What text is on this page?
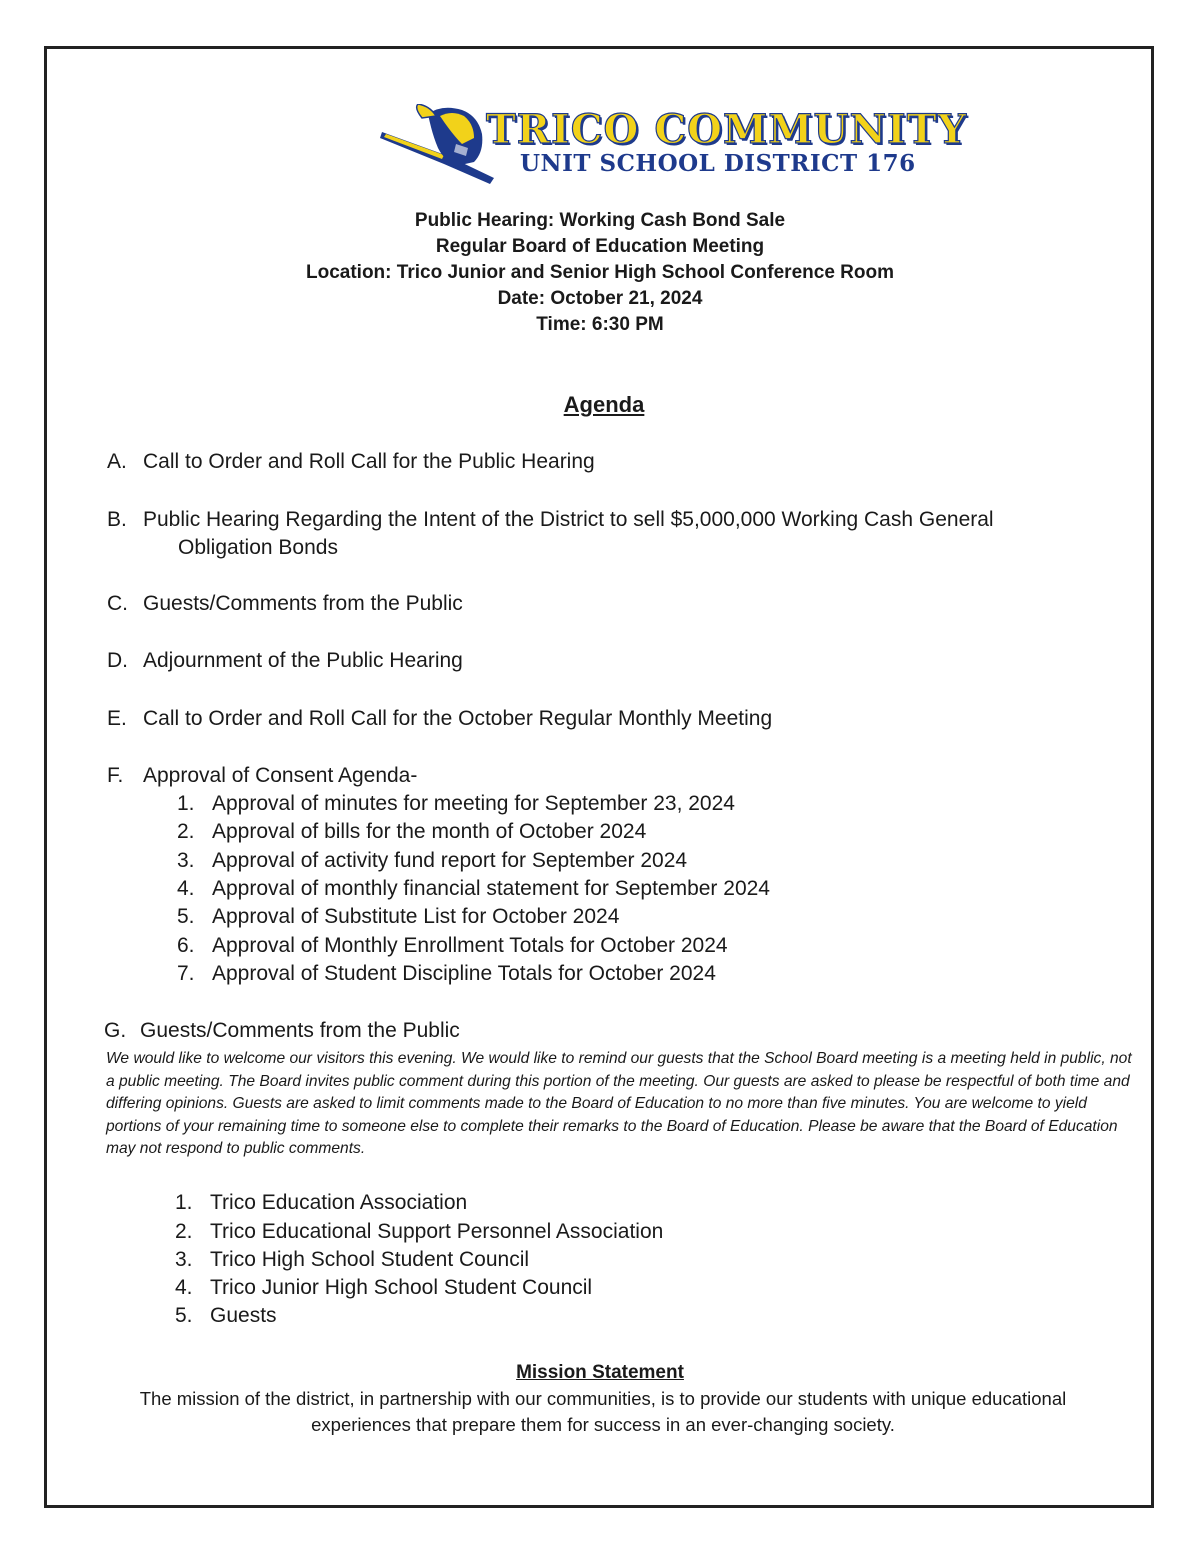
TRICO COMMUNITY
UNIT SCHOOL DISTRICT 176
Public Hearing: Working Cash Bond Sale
Regular Board of Education Meeting
Location: Trico Junior and Senior High School Conference Room
Date: October 21, 2024
Time: 6:30 PM
Agenda
A. Call to Order and Roll Call for the Public Hearing
B. Public Hearing Regarding the Intent of the District to sell $5,000,000 Working Cash General
Obligation Bonds
C. Guests/Comments from the Public
D. Adjournment of the Public Hearing
E. Call to Order and Roll Call for the October Regular Monthly Meeting
F. Approval of Consent Agenda-
1. Approval of minutes for meeting for September 23, 2024
2. Approval of bills for the month of October 2024
3. Approval of activity fund report for September 2024
4. Approval of monthly financial statement for September 2024
5. Approval of Substitute List for October 2024
6. Approval of Monthly Enrollment Totals for October 2024
7. Approval of Student Discipline Totals for October 2024
G. Guests/Comments from the Public
We would like to welcome our visitors this evening. We would like to remind our guests that the School Board meeting is a meeting held in public, not a public meeting. The Board invites public comment during this portion of the meeting. Our guests are asked to please be respectful of both time and differing opinions. Guests are asked to limit comments made to the Board of Education to no more than five minutes. You are welcome to yield portions of your remaining time to someone else to complete their remarks to the Board of Education. Please be aware that the Board of Education may not respond to public comments.
1. Trico Education Association
2. Trico Educational Support Personnel Association
3. Trico High School Student Council
4. Trico Junior High School Student Council
5. Guests
Mission Statement
The mission of the district, in partnership with our communities, is to provide our students with unique educational experiences that prepare them for success in an ever-changing society.
